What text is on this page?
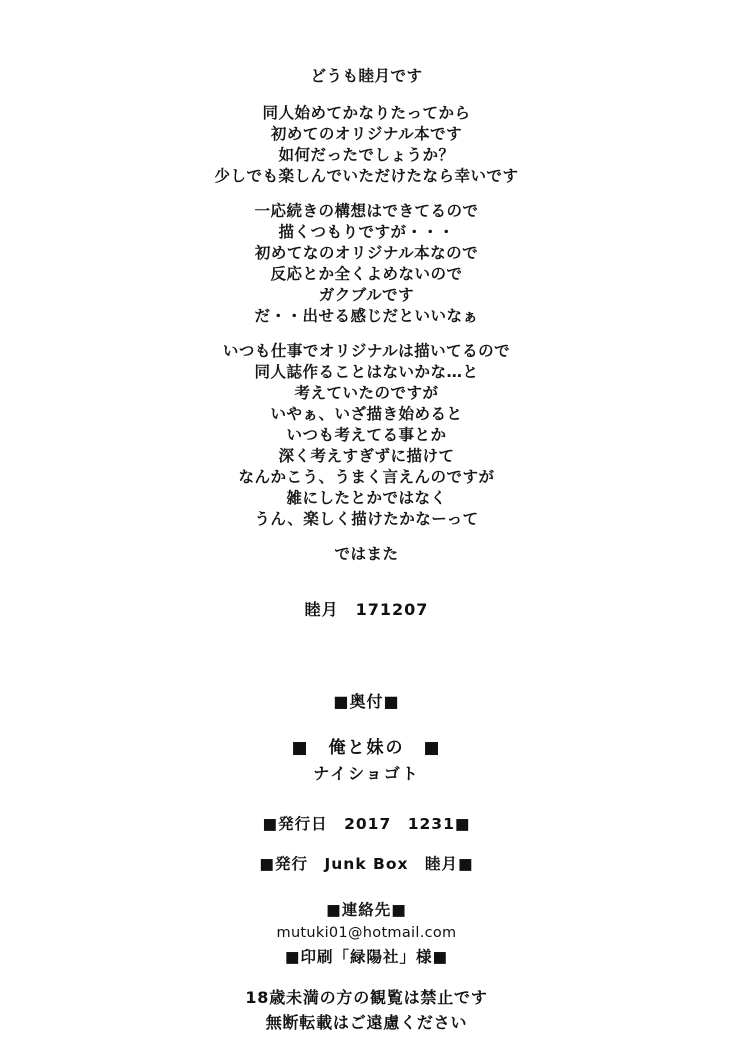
どうも睦月です
同人始めてかなりたってから
初めてのオリジナル本です
如何だったでしょうか？
少しでも楽しんでいただけたなら幸いです
一応続きの構想はできてるので
描くつもりですが・・・
初めてなのオリジナル本なので
反応とか全くよめないので
ガクブルです
だ・・出せる感じだといいなぁ
いつも仕事でオリジナルは描いてるので
同人誌作ることはないかな…と
考えていたのですが
いやぁ、いざ描き始めると
いつも考えてる事とか
深く考えすぎずに描けて
なんかこう、うまく言えんのですが
雑にしたとかではなく
うん、楽しく描けたかなーって
ではまた
睦月　171207
■奥付■
■　俺と妹の　■
ナイショゴト
■発行日　2017　1231■
■発行　Junk Box　睦月■
■連絡先■
mutuki01@hotmail.com
■印刷「緑陽社」様■
18歳未満の方の観覧は禁止です
無断転載はご遠慮ください
